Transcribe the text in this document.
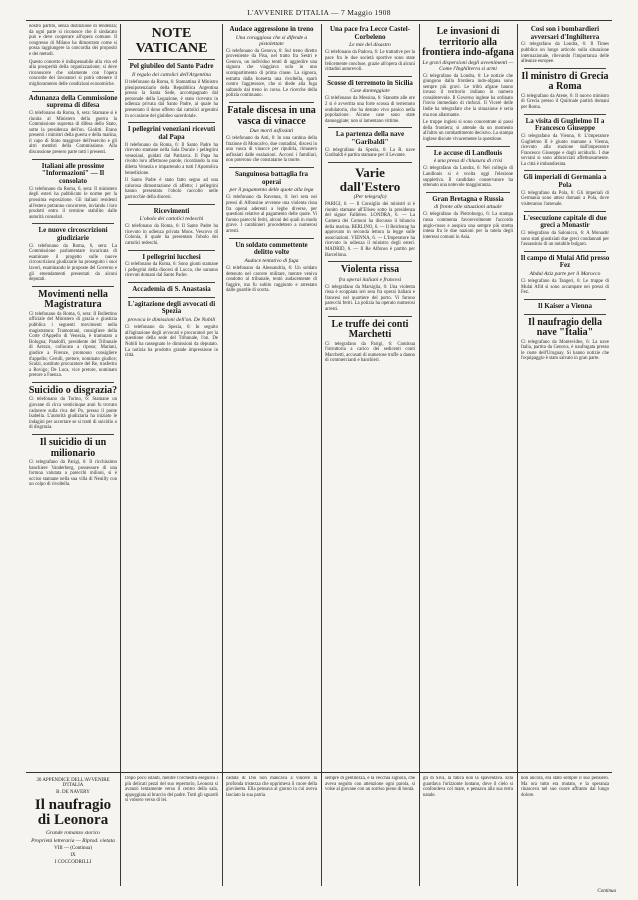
L'AVVENIRE D'ITALIA — 7 Maggio 1908
nostro partito, senza distinzione di tendenza; da ogni parte si riconosce che il sindacato può e deve cooperare all'opera comune. Il congresso di Milano ha dimostrato come si possa raggiungere la concordia dei propositi e dei metodi.
Questo concetto è indispensabile alla vita ed alla prosperità della organizzazione; si deve riconoscere che solamente con l'opera concorde dei lavoratori si potrà ottenere il miglioramento delle condizioni economiche.
Adunanza della Commissione suprema di difesa
Ci telefonano da Roma, 6, sera: Stamane si è riunita al Ministero della guerra la Commissione suprema di difesa dello Stato, sotto la presidenza dell'on. Giolitti. Erano presenti i ministri della guerra e della marina, il capo di Stato maggiore dell'esercito e gli altri membri della Commissione. Alla discussione presero parte tutti i presenti.
Italiani alle prossime "Informazioni" — Il consolato
Ci telefonano da Roma, 6, sera: Il ministero degli esteri ha pubblicato le norme per la prossima esposizione. Gli italiani residenti all'estero potranno concorrere, inviando i loro prodotti entro il termine stabilito dalle autorità consolari.
Le nuove circoscrizioni giudiziarie
Ci telefonano da Roma, 6, sera: La Commissione parlamentare incaricata di esaminare il progetto sulle nuove circoscrizioni giudiziarie ha proseguito i suoi lavori, esaminando le proposte del Governo e gli emendamenti presentati da alcuni deputati.
Movimenti nella Magistratura
Ci telefonano da Roma, 6, sera: Il Bollettino ufficiale del Ministero di grazia e giustizia pubblica i seguenti movimenti nella magistratura: Tramontani, consigliere della Corte d'Appello di Venezia, è tramutato a Bologna; Pandolfi, presidente del Tribunale di Arezzo, collocato a riposo; Mariani, giudice a Firenze, promosso consigliere d'appello; Cerulli, pretore, nominato giudice; Scalzi, sostituto procuratore del Re, trasferito a Rovigo; De Luca, vice pretore, nominato pretore a Faenza.
Suicidio o disgrazia?
Ci telefonano da Torino, 6: Stamane un giovane di circa venticinque anni fu trovato cadavere sulla riva del Po, presso il ponte Isabella. L'autorità giudiziaria ha iniziato le indagini per accertare se si tratti di suicidio o di disgrazia.
Il suicidio di un milionario
Ci telegrafano da Parigi, 6: Il ricchissimo banchiere Vanderberg, possessore di una fortuna valutata a parecchi milioni, si è ucciso stamane nella sua villa di Neuilly con un colpo di rivoltella.
NOTE VATICANE
Pel giubileo del Santo Padre
Il regalo dei cattolici dell'Argentina
Il telefonano da Roma, 6: Stamattina il Ministro plenipotenziario della Repubblica Argentina presso la Santa Sede, accompagnato dal personale della Legazione, è stato ricevuto in udienza privata dal Santo Padre, al quale ha presentato il dono offerto dai cattolici argentini in occasione del giubileo sacerdotale.
I pellegrini veneziani ricevuti dal Papa
Il telefonano da Roma, 6: Il Santo Padre ha ricevuto stamane nella Sala Ducale i pellegrini veneziani, guidati dal Patriarca. Il Papa ha rivolto loro affettuose parole, ricordando la sua diletta Venezia e impartendo a tutti l'Apostolica benedizione.
Il Santo Padre è stato fatto segno ad una calorosa dimostrazione di affetto; i pellegrini hanno presentato l'obolo raccolto nelle parrocchie della diocesi.
Ricevimenti
L'obolo dei cattolici tedeschi
Ci telefonano da Roma, 6: Il Santo Padre ha ricevuto in udienza privata Mons. Vescovo di Colonia, il quale ha presentato l'obolo dei cattolici tedeschi.
I pellegrini lucchesi
Ci telefonano da Roma, 6: Sono giunti stamane i pellegrini della diocesi di Lucca, che saranno ricevuti domani dal Santo Padre.
Accademia di S. Anastasia
L'agitazione degli avvocati di Spezia
provoca le dimissioni dell'on. De Nobili
Ci telefonano da Spezia, 6: In seguito all'agitazione degli avvocati e procuratori per la questione della sede del Tribunale, l'on. De Nobili ha rassegnato le dimissioni da deputato. La notizia ha prodotto grande impressione in città.
Audace aggressione in treno
Una coraggiosa che si difende a pistolettate
Ci telefonano da Genova, 6: Sul treno diretto proveniente da Pisa, nel tratto fra Sestri e Genova, un individuo tentò di aggredire una signora che viaggiava sola in uno scompartimento di prima classe. La signora, estratta dalla borsetta una rivoltella, sparò contro l'aggressore, che si diede alla fuga saltando dal treno in corsa. Le ricerche della polizia continuano.
Fatale discesa in una vasca di vinacce
Due morti asfissiati
Ci telefonano da Asti, 6: In una cantina della frazione di Moncalvo, due contadini, discesi in una vasca di vinacce per ripulirla, rimasero asfissiati dalle esalazioni. Accorsi i familiari, non poterono che constatarne la morte.
Sanguinosa battaglia fra operai
per il pagamento delle quote alla lega
Ci telefonano da Ravenna, 6: Ieri sera nei pressi di Alfonsine avvenne una violenta rissa fra operai aderenti a leghe diverse, per questioni relative al pagamento delle quote. Vi furono parecchi feriti, alcuni dei quali in modo grave. I carabinieri procedettero a numerosi arresti.
Un soldato commettente delitto volte
Audace tentativo di fuga
Ci telefonano da Alessandria, 6: Un soldato detenuto nel carcere militare, mentre veniva condotto al tribunale, tentò audacemente di fuggire, ma fu subito raggiunto e arrestato dalle guardie di scorta.
Una pace fra Lecce Castel-Corbeleno
Le mie del disastro
Ci telefonano da Padova, 6: Le trattative per la pace fra le due società sportive sono state felicemente concluse, grazie all'opera di alcuni cittadini autorevoli.
Scosse di terremoto in Sicilia
Case danneggiate
Ci telefonano da Messina, 6: Stanotte alle ore 2 si è avvertita una forte scossa di terremoto ondulatoria, che ha destato vivo panico nella popolazione. Alcune case sono state danneggiate; non si lamentano vittime.
La partenza della nave "Garibaldi"
Ci telegrafano da Spezia, 6: La R. nave Garibaldi è partita stamane per il Levante.
Varie dall'Estero
(Per telegrafo)
PARIGI, 6. — Il Consiglio dei ministri si è riunito stamane all'Eliseo sotto la presidenza del signor Fallières. LONDRA, 6. — La Camera dei Comuni ha discusso il bilancio della marina. BERLINO, 6. — Il Reichstag ha approvato in seconda lettura la legge sulle associazioni. VIENNA, 6. — L'Imperatore ha ricevuto in udienza il ministro degli esteri. MADRID, 6. — Il Re Alfonso è partito per Barcellona.
Violenta rissa
fra operai italiani e francesi
Ci telegrafano da Marsiglia, 6: Una violenta rissa è scoppiata ieri sera fra operai italiani e francesi nel quartiere del porto. Vi furono parecchi feriti. La polizia ha operato numerosi arresti.
Le truffe dei conti Marchetti
Ci telegrafano da Parigi, 6: Continua l'istruttoria a carico dei sedicenti conti Marchetti, accusati di numerose truffe a danno di commercianti e banchieri.
Le invasioni di territorio alla frontiera indo-afgana
Le gravi dispersioni degli avvenimenti — Come l'Inghilterra si armi
Ci telegrafano da Londra, 6: Le notizie che giungono dalla frontiera indo-afgana sono sempre più gravi. Le tribù afgane hanno invaso il territorio indiano in numero considerevole. Il Governo inglese ha ordinato l'invio immediato di rinforzi. Il Vicerè delle Indie ha telegrafato che la situazione è seria ma non allarmante.
Le truppe inglesi si sono concentrate ai passi della frontiera; si attende da un momento all'altro un combattimento decisivo. La stampa inglese discute vivacemente la questione.
Le accuse di Landlouis
è una presa di chiusura di crisi
Ci telegrafano da Londra, 6: Nel collegio di Landlouis si è svolta oggi l'elezione suppletiva. Il candidato conservatore ha ottenuto una notevole maggioranza.
Gran Bretagna e Russia
di fronte alle situazioni attuale
Ci telegrafano da Pietroburgo, 6: La stampa russa commenta favorevolmente l'accordo anglo-russo e auspica una sempre più stretta intesa fra le due nazioni per la tutela degli interessi comuni in Asia.
Cosi son i bombardieri avversari d'Inghilterra
Ci telegrafano da Londra, 6: Il Times pubblica un lungo articolo sulla situazione internazionale, rilevando l'importanza delle alleanze europee.
Il ministro di Grecia a Roma
Ci telegrafano da Atene, 6: Il nuovo ministro di Grecia presso il Quirinale partirà domani per Roma.
La visita di Guglielmo II a Francesco Giuseppe
Ci telegrafano da Vienna, 6: L'imperatore Guglielmo II è giunto stamane a Vienna, ricevuto alla stazione dall'imperatore Francesco Giuseppe e dagli arciduchi. I due sovrani si sono abbracciati affettuosamente. La città è imbandierata.
Gli imperiali di Germania a Pola
Ci telegrafano da Pola, 6: Gli imperiali di Germania sono attesi domani a Pola, dove visiteranno l'arsenale.
L'esecuzione capitale di due greci a Monastir
Ci telegrafano da Salonicco, 6: A Monastir sono stati giustiziati due greci condannati per l'assassinio di un notabile bulgaro.
Il campo di Mulai Afid presso Fez
Abdul Aziz parte per il Marocco
Ci telegrafano da Tangeri, 6: Le truppe di Mulai Afid si sono accampate nei pressi di Fez.
Il Kaiser a Vienna
Il naufragio della nave "Italia"
Ci telegrafano da Montevideo, 6: La nave Italia, partita da Genova, è naufragata presso le coste dell'Uruguay. Si hanno notizie che l'equipaggio è stato salvato in gran parte.
30 APPENDICE DELL'AVVENIRE D'ITALIA
B. DE NAVERY
Il naufragio di Leonora
Grande romanzo storico
Proprietà letteraria — Riprod. vietata
VIII — (Continua)
IX
I COCCODRILLI
Dopo poco istanti, mentre l'orchestra eseguiva i più delicati pezzi del suo repertorio, Leonora si avanzò lentamente verso il centro della sala, appoggiata al braccio del padre. Tutti gli sguardi si volsero verso di lei.
caduta di Dio non mancava a vincere la profonda tristezza che opprimeva il cuore della giovinetta. Ella pensava al giorno in cui aveva lasciato la sua patria.
sempre di gentilezza, e la vecchia signora, che aveva seguito con attenzione ogni parola, si volse al giovane con un sorriso pieno di bontà.
gli di Siva, la fatica non la spaventava. Ella guardava l'orizzonte lontano, dove il cielo si confondeva col mare, e pensava alla sua terra natale.
non ancora, era stato sempre il suo pensiero. Ma ora tutto era mutato, e la speranza rinasceva nel suo cuore affranto dal lungo dolore.
Continua
